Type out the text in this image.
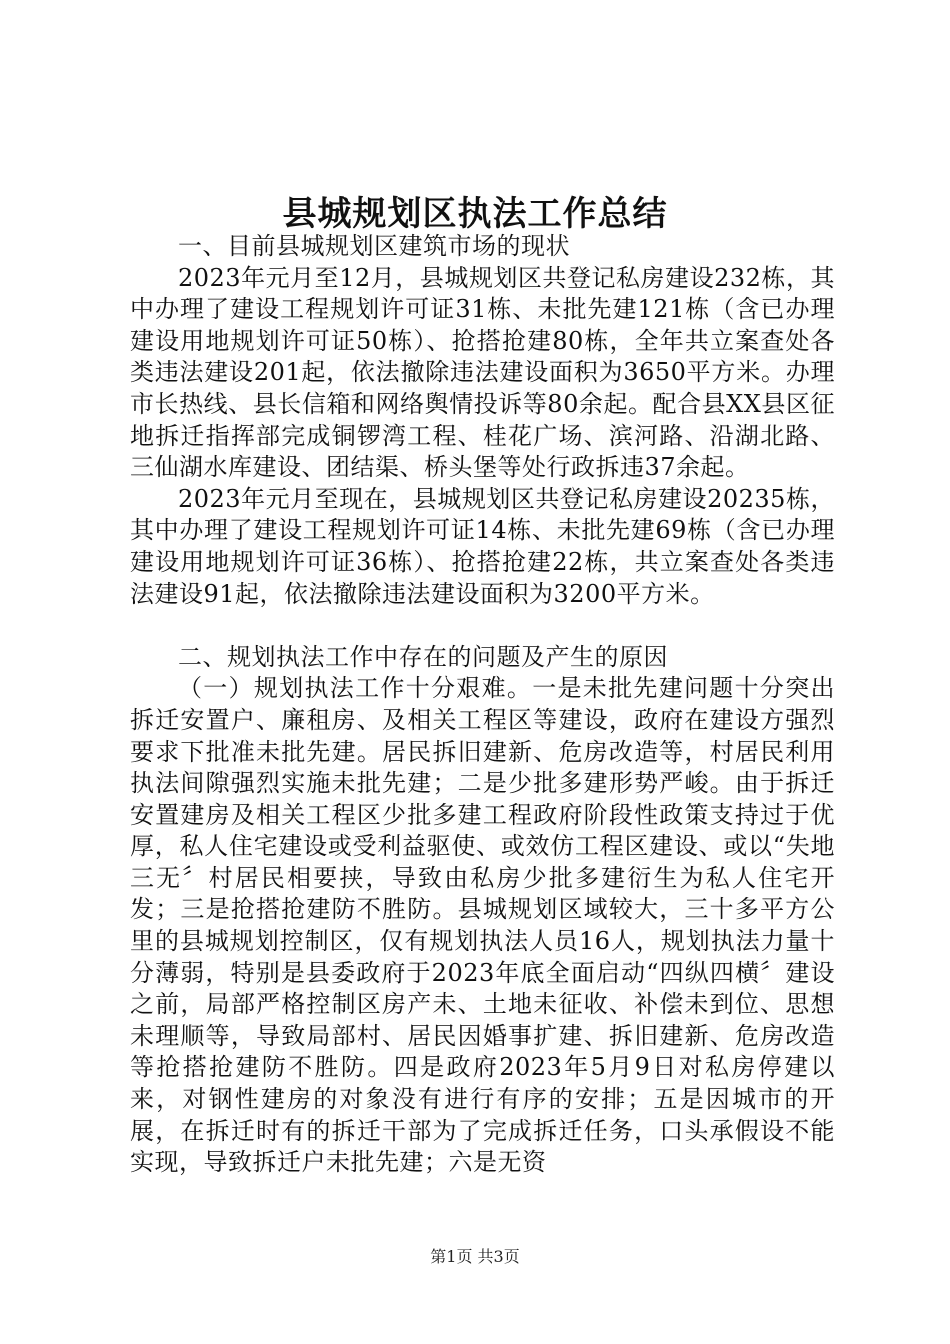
县城规划区执法工作总结

一、目前县城规划区建筑市场的现状

2023年元月至12月，县城规划区共登记私房建设232栋，其中办理了建设工程规划许可证31栋、未批先建121栋（含已办理建设用地规划许可证50栋）、抢搭抢建80栋，全年共立案查处各类违法建设201起，依法撤除违法建设面积为3650平方米。办理市长热线、县长信箱和网络舆情投诉等80余起。配合县XX县区征地拆迁指挥部完成铜锣湾工程、桂花广场、滨河路、沿湖北路、三仙湖水库建设、团结渠、桥头堡等处行政拆违37余起。

2023年元月至现在，县城规划区共登记私房建设20235栋，其中办理了建设工程规划许可证14栋、未批先建69栋（含已办理建设用地规划许可证36栋）、抢搭抢建22栋，共立案查处各类违法建设91起，依法撤除违法建设面积为3200平方米。

二、规划执法工作中存在的问题及产生的原因

（一）规划执法工作十分艰难。一是未批先建问题十分突出拆迁安置户、廉租房、及相关工程区等建设，政府在建设方强烈要求下批准未批先建。居民拆旧建新、危房改造等，村居民利用执法间隙强烈实施未批先建；二是少批多建形势严峻。由于拆迁安置建房及相关工程区少批多建工程政府阶段性政策支持过于优厚，私人住宅建设或受利益驱使、或效仿工程区建设、或以“失地三无〞村居民相要挟，导致由私房少批多建衍生为私人住宅开发；三是抢搭抢建防不胜防。县城规划区域较大，三十多平方公里的县城规划控制区，仅有规划执法人员16人，规划执法力量十分薄弱，特别是县委政府于2023年底全面启动“四纵四横〞建设之前，局部严格控制区房产未、土地未征收、补偿未到位、思想未理顺等，导致局部村、居民因婚事扩建、拆旧建新、危房改造等抢搭抢建防不胜防。四是政府2023年5月9日对私房停建以来，对钢性建房的对象没有进行有序的安排；五是因城市的开展，在拆迁时有的拆迁干部为了完成拆迁任务，口头承假设不能实现，导致拆迁户未批先建；六是无资

第1页 共3页
